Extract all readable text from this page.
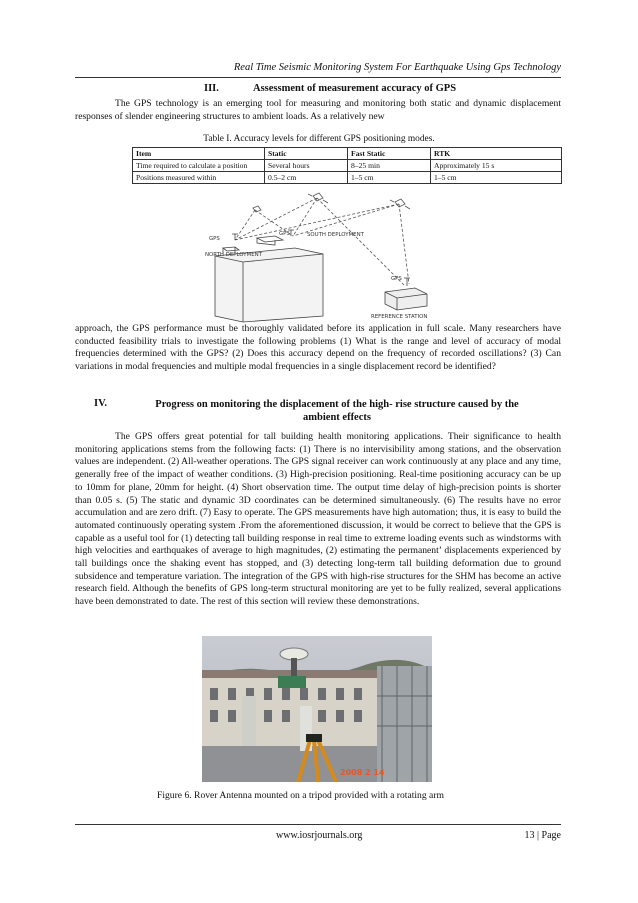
Real Time Seismic Monitoring System For Earthquake Using Gps Technology
III.	Assessment of measurement accuracy of GPS
The GPS technology is an emerging tool for measuring and monitoring both static and dynamic displacement responses of slender engineering structures to ambient loads. As a relatively new
Table I. Accuracy levels for different GPS positioning modes.
Item	Static	Fast Static	RTK
Time required to calculate a position	Several hours	8–25 min	Approximately 15 s
Positions measured within	0.5–2 cm	1–5 cm	1–5 cm
GPS
GPS
NORTH DEPLOYMENT
SOUTH DEPLOYMENT
GPS
REFERENCE STATION
approach, the GPS performance must be thoroughly validated before its application in full scale. Many researchers have conducted feasibility trials to investigate the following problems (1) What is the range and level of accuracy of modal frequencies determined with the GPS? (2) Does this accuracy depend on the frequency of recorded oscillations? (3) Can variations in modal frequencies and multiple modal frequencies in a single displacement record be identified?
IV.	Progress on monitoring the displacement of the high- rise structure caused by the ambient effects
The GPS offers great potential for tall building health monitoring applications. Their significance to health monitoring applications stems from the following facts: (1) There is no intervisibility among stations, and the observation values are independent. (2) All-weather operations. The GPS signal receiver can work continuously at any place and any time, generally free of the impact of weather conditions. (3) High-precision positioning. Real-time positioning accuracy can be up to 10mm for plane, 20mm for height. (4) Short observation time. The output time delay of high-precision points is shorter than 0.05 s. (5) The static and dynamic 3D coordinates can be determined simultaneously. (6) The results have no error accumulation and are zero drift. (7) Easy to operate. The GPS measurements have high automation; thus, it is easy to build the automated continuously operating system .From the aforementioned discussion, it would be correct to believe that the GPS is capable as a useful tool for (1) detecting tall building response in real time to extreme loading events such as windstorms with high velocities and earthquakes of average to high magnitudes, (2) estimating the permanent’ displacements experienced by tall buildings once the shaking event has stopped, and (3) detecting long-term tall building deformation due to ground subsidence and temperature variation. The integration of the GPS with high-rise structures for the SHM has become an active research field. Although the benefits of GPS long-term structural monitoring are yet to be fully realized, several applications have been demonstrated to date. The rest of this section will review these demonstrations.
2008 2 14
Figure 6. Rover Antenna mounted on a tripod provided with a rotating arm
www.iosrjournals.org	13 | Page
